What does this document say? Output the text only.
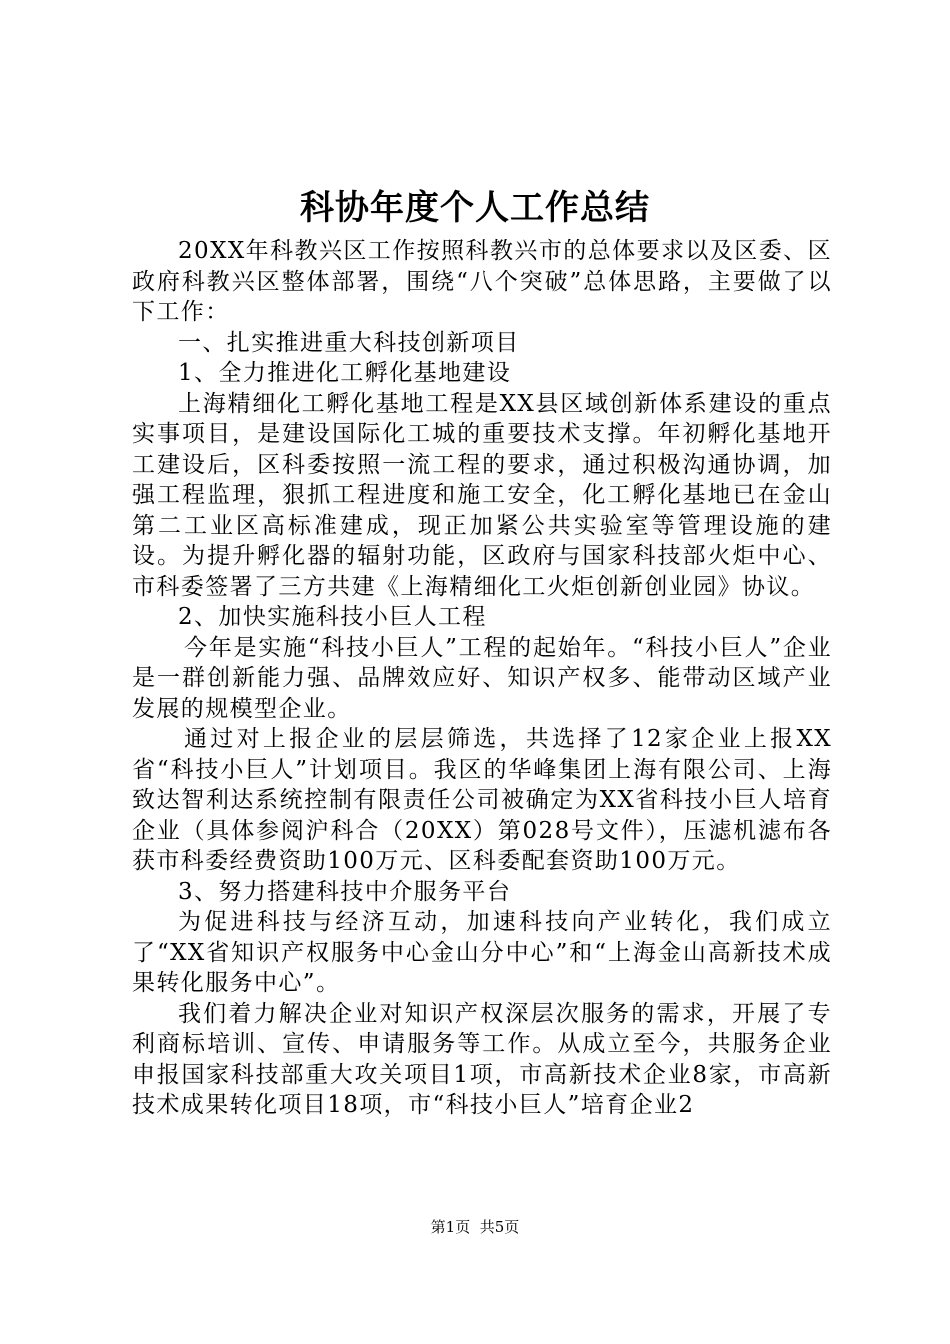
科协年度个人工作总结

20XX年科教兴区工作按照科教兴市的总体要求以及区委、区政府科教兴区整体部署，围绕“八个突破”总体思路，主要做了以下工作：

一、扎实推进重大科技创新项目

1、全力推进化工孵化基地建设

上海精细化工孵化基地工程是XX县区域创新体系建设的重点实事项目，是建设国际化工城的重要技术支撑。年初孵化基地开工建设后，区科委按照一流工程的要求，通过积极沟通协调，加强工程监理，狠抓工程进度和施工安全，化工孵化基地已在金山第二工业区高标准建成，现正加紧公共实验室等管理设施的建设。为提升孵化器的辐射功能，区政府与国家科技部火炬中心、市科委签署了三方共建《上海精细化工火炬创新创业园》协议。

2、加快实施科技小巨人工程

今年是实施“科技小巨人”工程的起始年。“科技小巨人”企业是一群创新能力强、品牌效应好、知识产权多、能带动区域产业发展的规模型企业。

通过对上报企业的层层筛选，共选择了12家企业上报XX省“科技小巨人”计划项目。我区的华峰集团上海有限公司、上海致达智利达系统控制有限责任公司被确定为XX省科技小巨人培育企业（具体参阅沪科合（20XX）第028号文件），压滤机滤布各获市科委经费资助100万元、区科委配套资助100万元。

3、努力搭建科技中介服务平台

为促进科技与经济互动，加速科技向产业转化，我们成立了“XX省知识产权服务中心金山分中心”和“上海金山高新技术成果转化服务中心”。

我们着力解决企业对知识产权深层次服务的需求，开展了专利商标培训、宣传、申请服务等工作。从成立至今，共服务企业申报国家科技部重大攻关项目1项，市高新技术企业8家，市高新技术成果转化项目18项，市“科技小巨人”培育企业2

第1页 共5页
